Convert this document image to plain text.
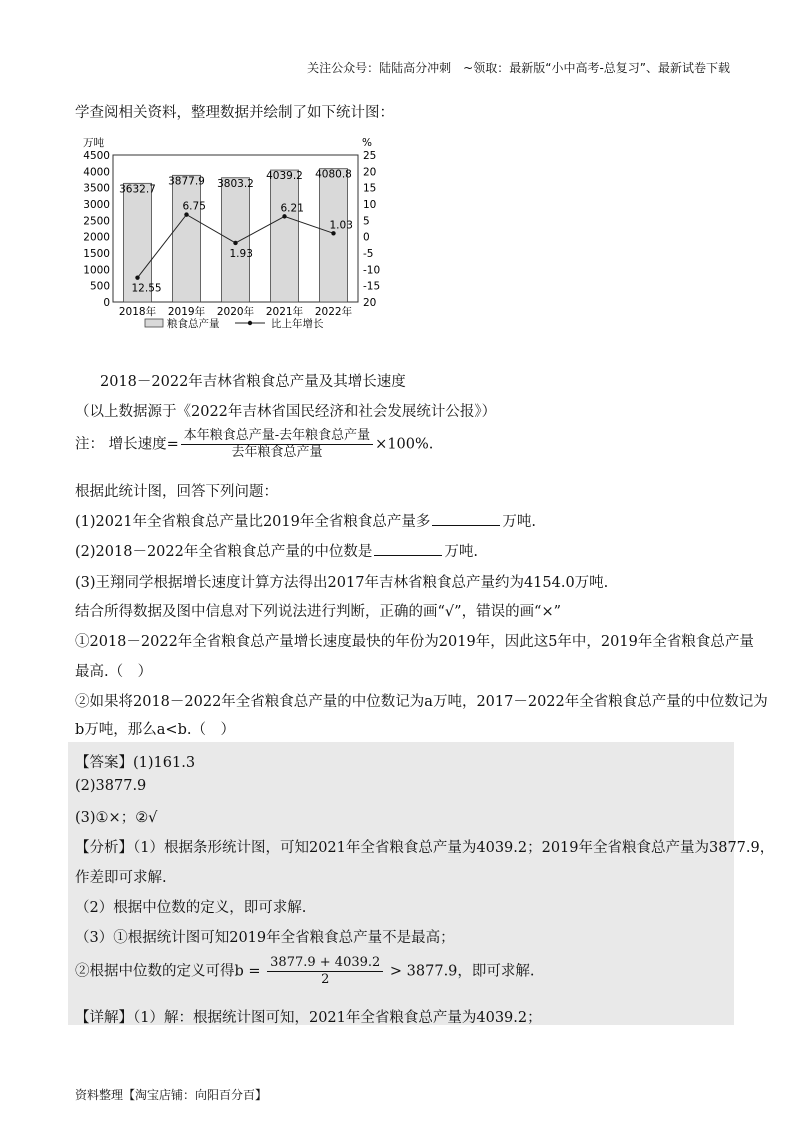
关注公众号：陆陆高分冲刺　~领取：最新版“小中高考-总复习”、最新试卷下载
学查阅相关资料，整理数据并绘制了如下统计图：
万吨	%
4500
4000
3500
3000
2500
2000
1500
1000
500
0
25
20
15
10
5
0
-5
-10
-15
20
3632.7
2018年
3877.9
2019年
3803.2
2020年
4039.2
2021年
4080.8
2022年
12.55
6.75
1.93
6.21
1.03
粮食总产量	比上年增长
2018－2022年吉林省粮食总产量及其增长速度
（以上数据源于《2022年吉林省国民经济和社会发展统计公报》）
注： 增长速度= $\frac{\text{本年粮食总产量-去年粮食总产量}}{\text{去年粮食总产量}} \times 100\%$.
根据此统计图，回答下列问题：
(1)2021年全省粮食总产量比2019年全省粮食总产量多	万吨.
(2)2018－2022年全省粮食总产量的中位数是	万吨.
(3)王翔同学根据增长速度计算方法得出2017年吉林省粮食总产量约为4154.0万吨.
结合所得数据及图中信息对下列说法进行判断，正确的画“√”，错误的画“×”
①2018－2022年全省粮食总产量增长速度最快的年份为2019年，因此这5年中，2019年全省粮食总产量
最高.（　）
②如果将2018－2022年全省粮食总产量的中位数记为a万吨，2017－2022年全省粮食总产量的中位数记为
b万吨，那么a<b.（　）
【答案】(1)161.3
(2)3877.9
(3)①×；②√
【分析】（1）根据条形统计图，可知2021年全省粮食总产量为4039.2；2019年全省粮食总产量为3877.9，
作差即可求解.
（2）根据中位数的定义，即可求解.
（3）①根据统计图可知2019年全省粮食总产量不是最高；
②根据中位数的定义可得$b = \frac{3877.9 + 4039.2}{2} > 3877.9$，即可求解.
【详解】（1）解：根据统计图可知，2021年全省粮食总产量为4039.2；
资料整理【淘宝店铺：向阳百分百】
